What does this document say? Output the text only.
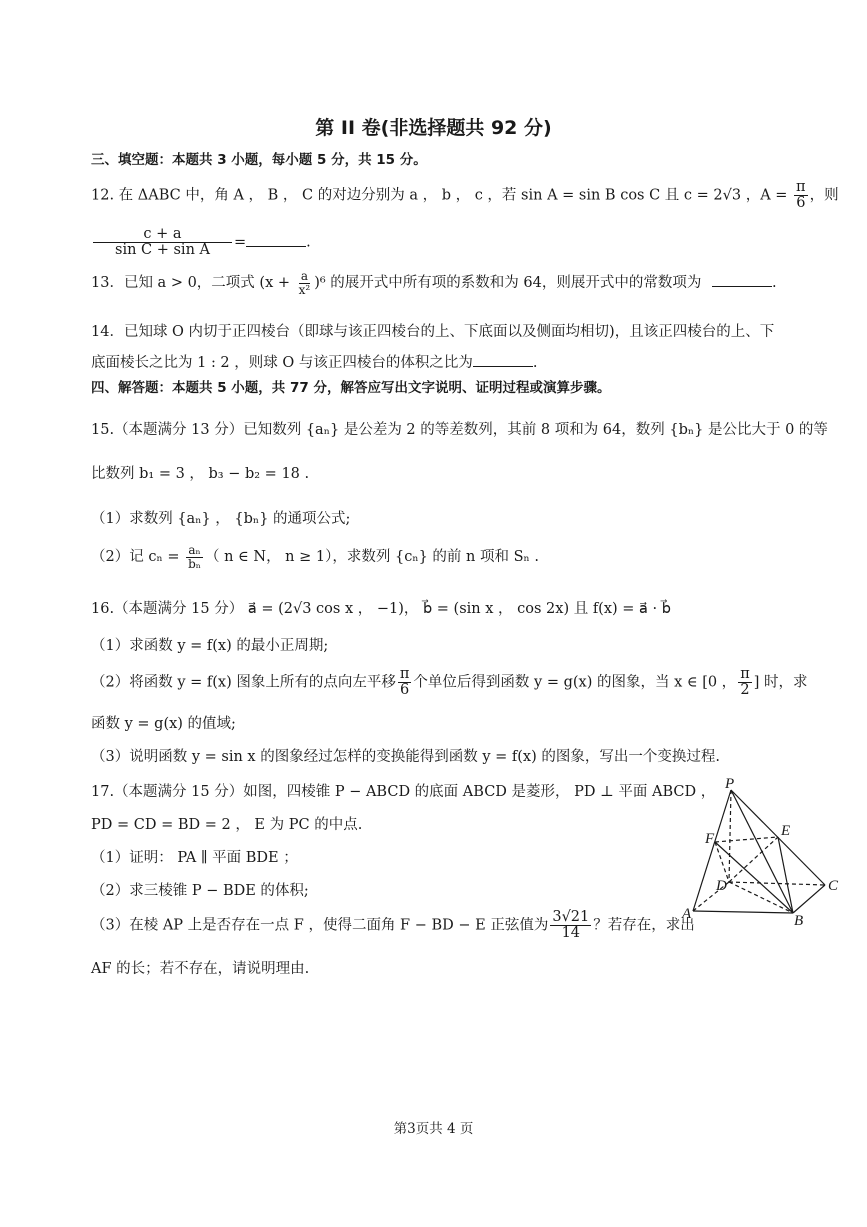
第 II 卷(非选择题共 92 分)
三、填空题：本题共 3 小题，每小题 5 分，共 15 分。
12. 在 ΔABC 中，角 A ， B ， C 的对边分别为 a ， b ， c ，若 sin A = sin B cos C 且 c = 2√3 ，$A = \frac{\pi}{6}$ ，则
$\frac{c + a}{\text{sin C + sin A}}$ =	.
13．已知 a > 0，二项式 $(x + \frac{a}{\text{x²}} )^6$ 的展开式中所有项的系数和为 64，则展开式中的常数项为	.
14．已知球 O 内切于正四棱台（即球与该正四棱台的上、下底面以及侧面均相切)，且该正四棱台的上、下
底面棱长之比为 1 : 2 ，则球 O 与该正四棱台的体积之比为	.
四、解答题：本题共 5 小题，共 77 分，解答应写出文字说明、证明过程或演算步骤。
15.（本题满分 13 分）已知数列 {aₙ} 是公差为 2 的等差数列，其前 8 项和为 64，数列 {bₙ} 是公比大于 0 的等
比数列 b₁ = 3 ， b₃ − b₂ = 18 .
（1）求数列 {aₙ} ， {bₙ} 的通项公式;
（2）记 $c_n = \frac{\text{aₙ}}{\text{bₙ}}$ （ n ∈ N， n ≥ 1），求数列 {cₙ} 的前 n 项和 Sₙ .
16.（本题满分 15 分） a⃗ = (2√3 cos x ， −1)， b⃗ = (sin x ， cos 2x) 且 f(x) = a⃗ · b⃗
（1）求函数 y = f(x) 的最小正周期;
（2）将函数 y = f(x) 图象上所有的点向左平移 $\frac{\pi}{6}$ 个单位后得到函数 y = g(x) 的图象，当 x ∈ [0 ， $\frac{\pi}{2}$ ] 时，求
函数 y = g(x) 的值域;
（3）说明函数 y = sin x 的图象经过怎样的变换能得到函数 y = f(x) 的图象，写出一个变换过程.
17.（本题满分 15 分）如图，四棱锥 P − ABCD 的底面 ABCD 是菱形， PD ⊥ 平面 ABCD ，
PD = CD = BD = 2 ， E 为 PC 的中点.
（1）证明： PA ∥ 平面 BDE ；
（2）求三棱锥 P − BDE 的体积;
（3）在棱 AP 上是否存在一点 F ，使得二面角 F − BD − E 正弦值为 $\frac{3√21}{14}$ ？若存在，求出
AF 的长；若不存在，请说明理由.
P
E
F
D	C
A	B
第3页共 4 页
